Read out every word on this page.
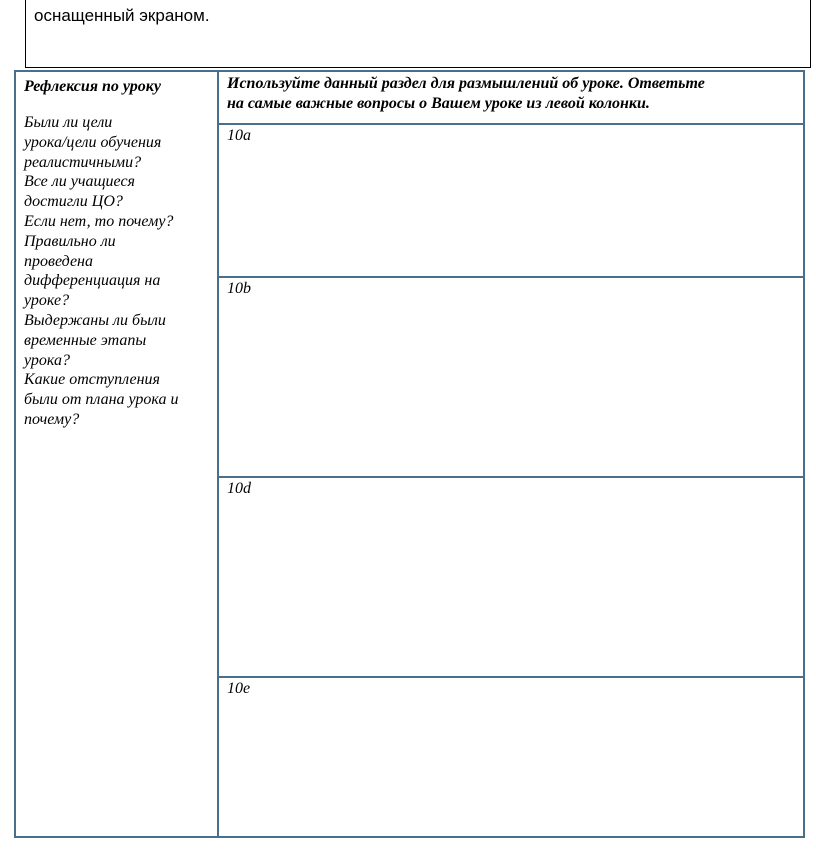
оснащенный экраном.
Рефлексия по уроку
Были ли цели
урока/цели обучения
реалистичными?
Все ли учащиеся
достигли ЦО?
Если нет, то почему?
Правильно ли
проведена
дифференциация на
уроке?
Выдержаны ли были
временные этапы
урока?
Какие отступления
были от плана урока и
почему?
Используйте данный раздел для размышлений об уроке. Ответьте
на самые важные вопросы о Вашем уроке из левой колонки.
10a
10b
10d
10e
